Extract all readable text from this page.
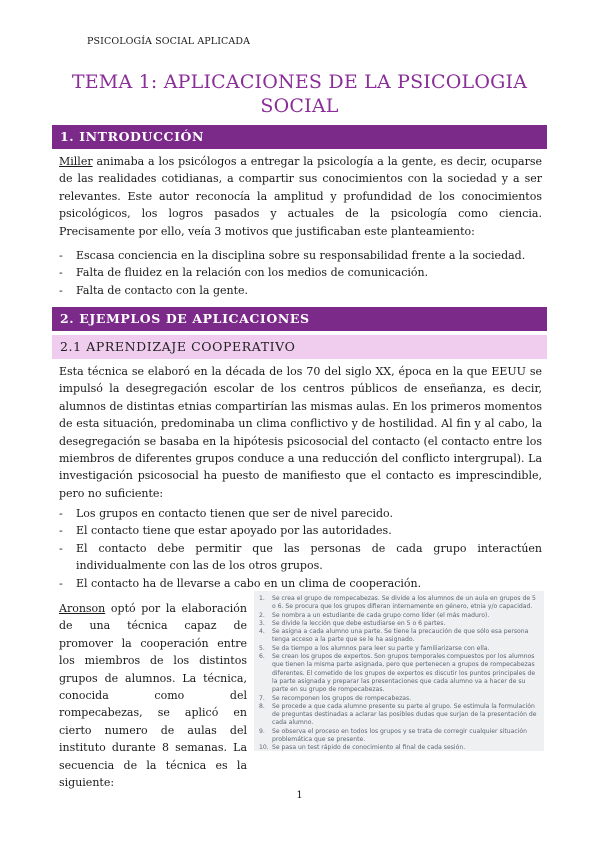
PSICOLOGÍA SOCIAL APLICADA
TEMA 1: APLICACIONES DE LA PSICOLOGIA
SOCIAL
1. INTRODUCCIÓN
Miller animaba a los psicólogos a entregar la psicología a la gente, es decir, ocuparse de las realidades cotidianas, a compartir sus conocimientos con la sociedad y a ser relevantes. Este autor reconocía la amplitud y profundidad de los conocimientos psicológicos, los logros pasados y actuales de la psicología como ciencia. Precisamente por ello, veía 3 motivos que justificaban este planteamiento:
- Escasa conciencia en la disciplina sobre su responsabilidad frente a la sociedad.
- Falta de fluidez en la relación con los medios de comunicación.
- Falta de contacto con la gente.
2. EJEMPLOS DE APLICACIONES
2.1 APRENDIZAJE COOPERATIVO
Esta técnica se elaboró en la década de los 70 del siglo XX, época en la que EEUU se impulsó la desegregación escolar de los centros públicos de enseñanza, es decir, alumnos de distintas etnias compartirían las mismas aulas. En los primeros momentos de esta situación, predominaba un clima conflictivo y de hostilidad. Al fin y al cabo, la desegregación se basaba en la hipótesis psicosocial del contacto (el contacto entre los miembros de diferentes grupos conduce a una reducción del conflicto intergrupal). La investigación psicosocial ha puesto de manifiesto que el contacto es imprescindible, pero no suficiente:
- Los grupos en contacto tienen que ser de nivel parecido.
- El contacto tiene que estar apoyado por las autoridades.
- El contacto debe permitir que las personas de cada grupo interactúen individualmente con las de los otros grupos.
- El contacto ha de llevarse a cabo en un clima de cooperación.
Aronson optó por la elaboración de una técnica capaz de promover la cooperación entre los miembros de los distintos grupos de alumnos. La técnica, conocida como del rompecabezas, se aplicó en cierto numero de aulas del instituto durante 8 semanas. La secuencia de la técnica es la siguiente:
1. Se crea el grupo de rompecabezas. Se divide a los alumnos de un aula en grupos de 5 o 6. Se procura que los grupos difieran internamente en género, etnia y/o capacidad.
2. Se nombra a un estudiante de cada grupo como líder (el más maduro).
3. Se divide la lección que debe estudiarse en 5 o 6 partes.
4. Se asigna a cada alumno una parte. Se tiene la precaución de que sólo esa persona tenga acceso a la parte que se le ha asignado.
5. Se da tiempo a los alumnos para leer su parte y familiarizarse con ella.
6. Se crean los grupos de expertos. Son grupos temporales compuestos por los alumnos que tienen la misma parte asignada, pero que pertenecen a grupos de rompecabezas diferentes. El cometido de los grupos de expertos es discutir los puntos principales de la parte asignada y preparar las presentaciones que cada alumno va a hacer de su parte en su grupo de rompecabezas.
7. Se recomponen los grupos de rompecabezas.
8. Se procede a que cada alumno presente su parte al grupo. Se estimula la formulación de preguntas destinadas a aclarar las posibles dudas que surjan de la presentación de cada alumno.
9. Se observa el proceso en todos los grupos y se trata de corregir cualquier situación problemática que se presente.
10. Se pasa un test rápido de conocimiento al final de cada sesión.
1
